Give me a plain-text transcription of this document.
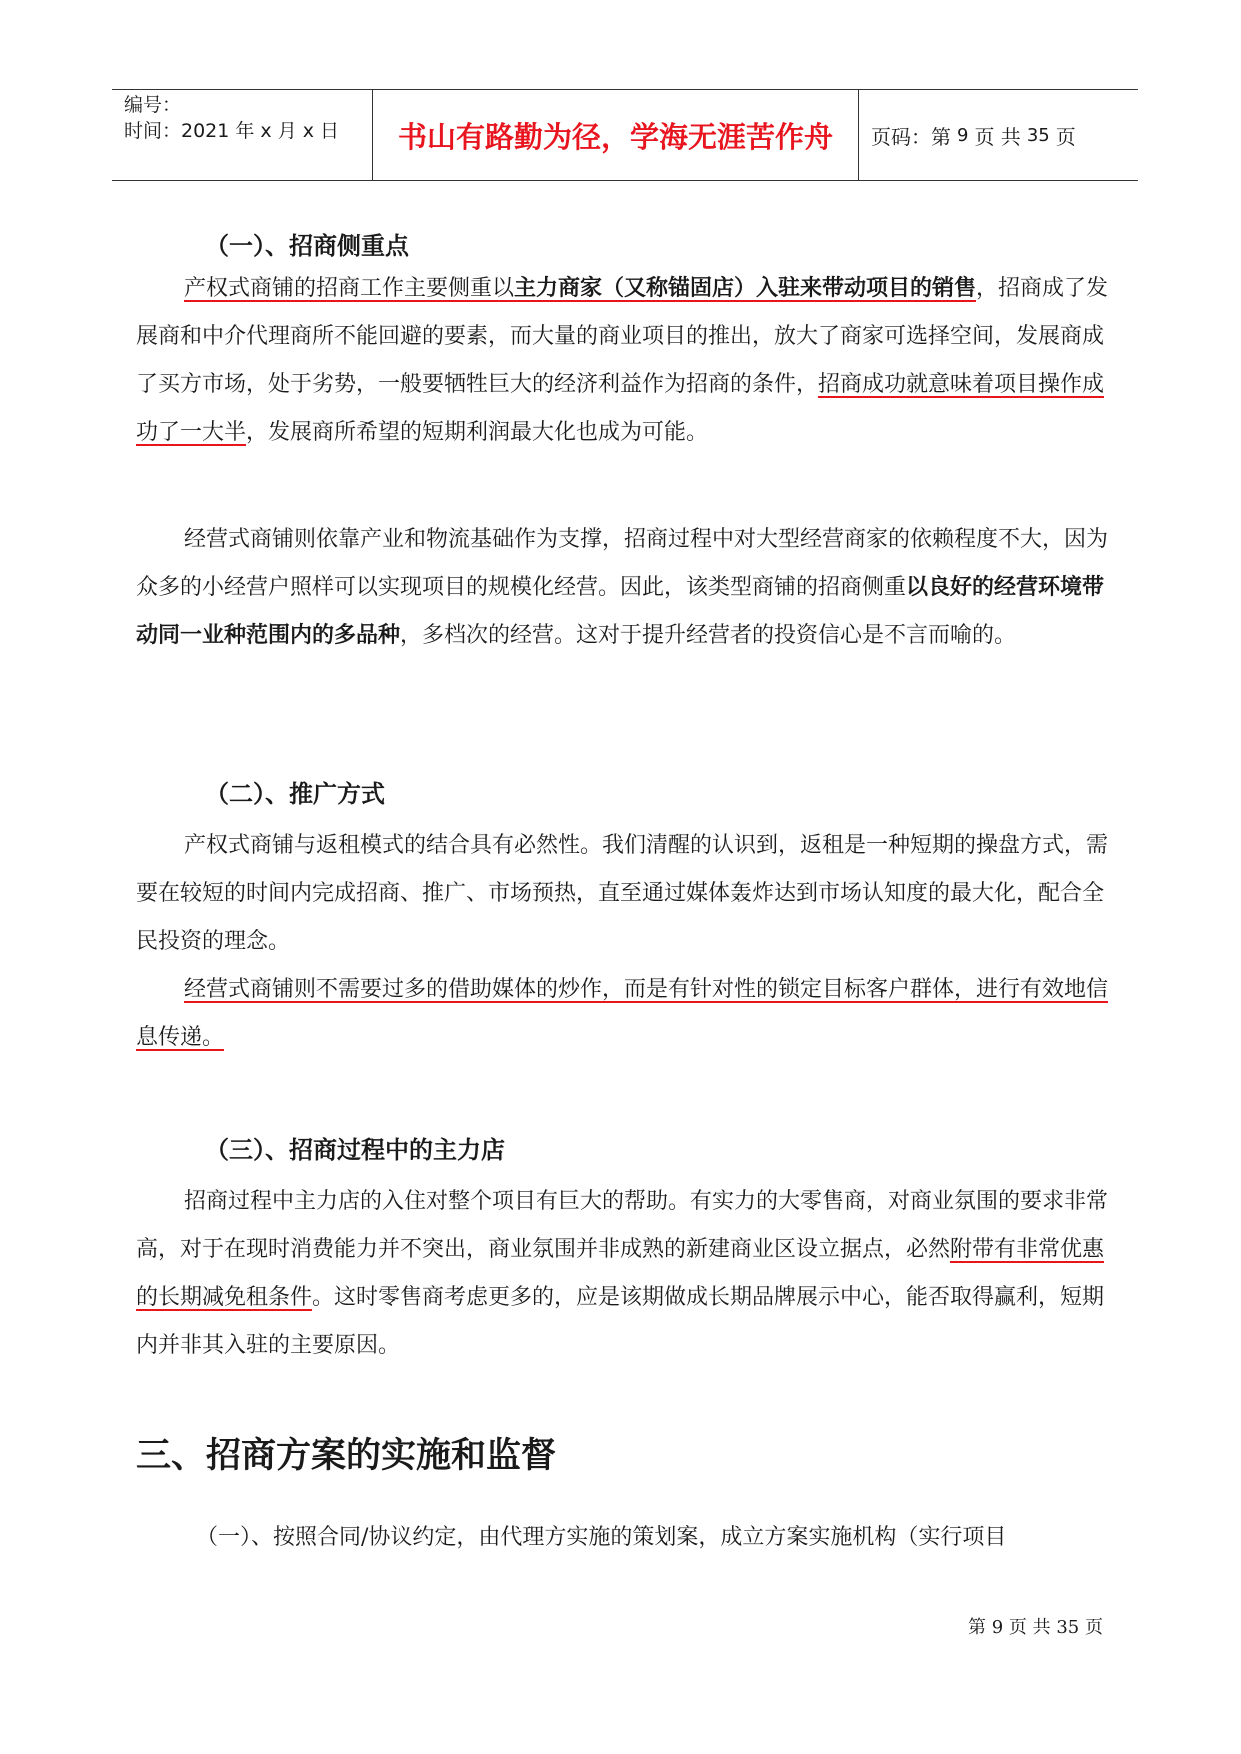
编号：
时间：2021 年 x 月 x 日	书山有路勤为径，学海无涯苦作舟	页码：第 9 页 共 35 页
（一）、招商侧重点

产权式商铺的招商工作主要侧重以主力商家（又称锚固店）入驻来带动项目的销售，招商成了发展商和中介代理商所不能回避的要素，而大量的商业项目的推出，放大了商家可选择空间，发展商成了买方市场，处于劣势，一般要牺牲巨大的经济利益作为招商的条件，招商成功就意味着项目操作成功了一大半，发展商所希望的短期利润最大化也成为可能。

经营式商铺则依靠产业和物流基础作为支撑，招商过程中对大型经营商家的依赖程度不大，因为众多的小经营户照样可以实现项目的规模化经营。因此，该类型商铺的招商侧重以良好的经营环境带动同一业种范围内的多品种，多档次的经营。这对于提升经营者的投资信心是不言而喻的。

（二）、推广方式

产权式商铺与返租模式的结合具有必然性。我们清醒的认识到，返租是一种短期的操盘方式，需要在较短的时间内完成招商、推广、市场预热，直至通过媒体轰炸达到市场认知度的最大化，配合全民投资的理念。

经营式商铺则不需要过多的借助媒体的炒作，而是有针对性的锁定目标客户群体，进行有效地信息传递。

（三）、招商过程中的主力店

招商过程中主力店的入住对整个项目有巨大的帮助。有实力的大零售商，对商业氛围的要求非常高，对于在现时消费能力并不突出，商业氛围并非成熟的新建商业区设立据点，必然附带有非常优惠的长期减免租条件。这时零售商考虑更多的，应是该期做成长期品牌展示中心，能否取得赢利，短期内并非其入驻的主要原因。

三、招商方案的实施和监督
（一）、按照合同/协议约定，由代理方实施的策划案，成立方案实施机构（实行项目
第 9 页 共 35 页
